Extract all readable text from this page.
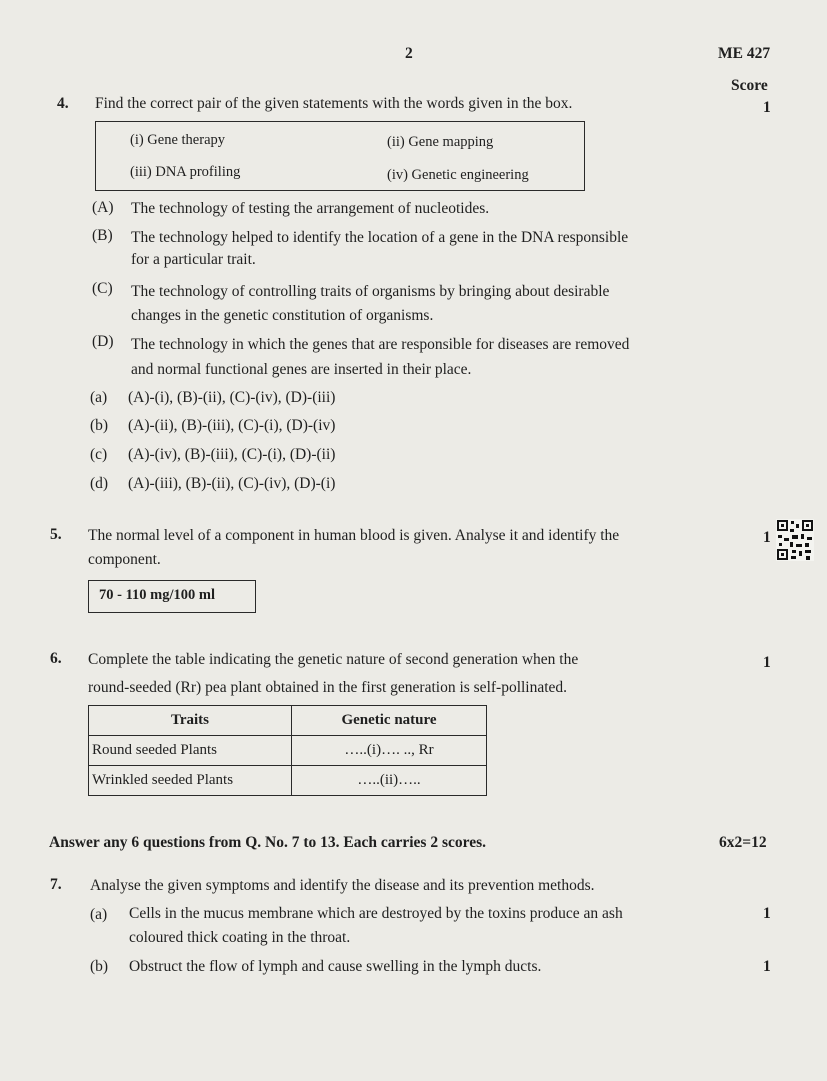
2	ME 427
Score
4. Find the correct pair of the given statements with the words given in the box.	1
(i) Gene therapy	(ii) Gene mapping
(iii) DNA profiling	(iv) Genetic engineering
(A) The technology of testing the arrangement of nucleotides.
(B) The technology helped to identify the location of a gene in the DNA responsible
for a particular trait.
(C) The technology of controlling traits of organisms by bringing about desirable
changes in the genetic constitution of organisms.
(D) The technology in which the genes that are responsible for diseases are removed
and normal functional genes are inserted in their place.
(a) (A)-(i), (B)-(ii), (C)-(iv), (D)-(iii)
(b) (A)-(ii), (B)-(iii), (C)-(i), (D)-(iv)
(c) (A)-(iv), (B)-(iii), (C)-(i), (D)-(ii)
(d) (A)-(iii), (B)-(ii), (C)-(iv), (D)-(i)
5. The normal level of a component in human blood is given. Analyse it and identify the
component.
1
70 - 110 mg/100 ml
6. Complete the table indicating the genetic nature of second generation when the
round-seeded (Rr) pea plant obtained in the first generation is self-pollinated.
1
Traits	Genetic nature
Round seeded Plants	…..(i)…. .., Rr
Wrinkled seeded Plants	…..(ii)…..
Answer any 6 questions from Q. No. 7 to 13. Each carries 2 scores.	6x2=12
7. Analyse the given symptoms and identify the disease and its prevention methods.
(a) Cells in the mucus membrane which are destroyed by the toxins produce an ash
coloured thick coating in the throat.
1
(b) Obstruct the flow of lymph and cause swelling in the lymph ducts.	1
